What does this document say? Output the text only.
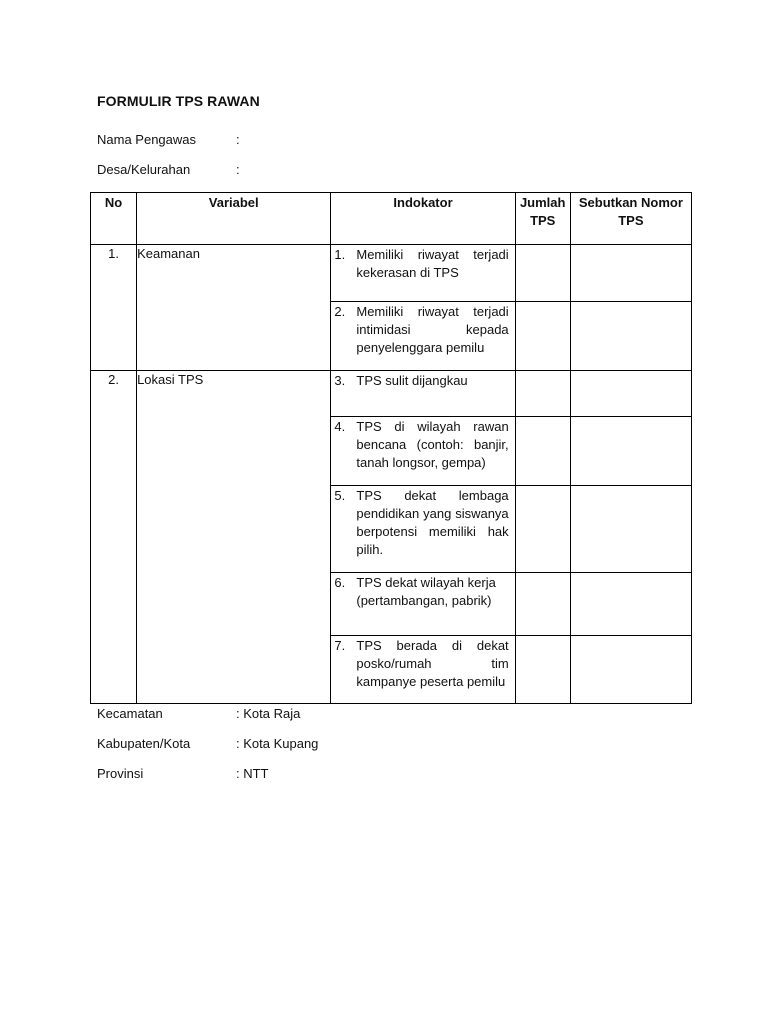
FORMULIR TPS RAWAN
Nama Pengawas	:
Desa/Kelurahan	:
No	Variabel	Indokator	Jumlah TPS	Sebutkan Nomor TPS
1.	Keamanan	1. Memiliki riwayat terjadi kekerasan di TPS		

		2. Memiliki riwayat terjadi intimidasi kepada penyelenggara pemilu		

2.	Lokasi TPS	3. TPS sulit dijangkau		

		4. TPS di wilayah rawan bencana (contoh: banjir, tanah longsor, gempa)		

		5. TPS dekat lembaga pendidikan yang siswanya berpotensi memiliki hak pilih.		

		6. TPS dekat wilayah kerja (pertambangan, pabrik)		

		7. TPS berada di dekat posko/rumah tim kampanye peserta pemilu		

Kecamatan	: Kota Raja
Kabupaten/Kota	: Kota Kupang
Provinsi	: NTT
